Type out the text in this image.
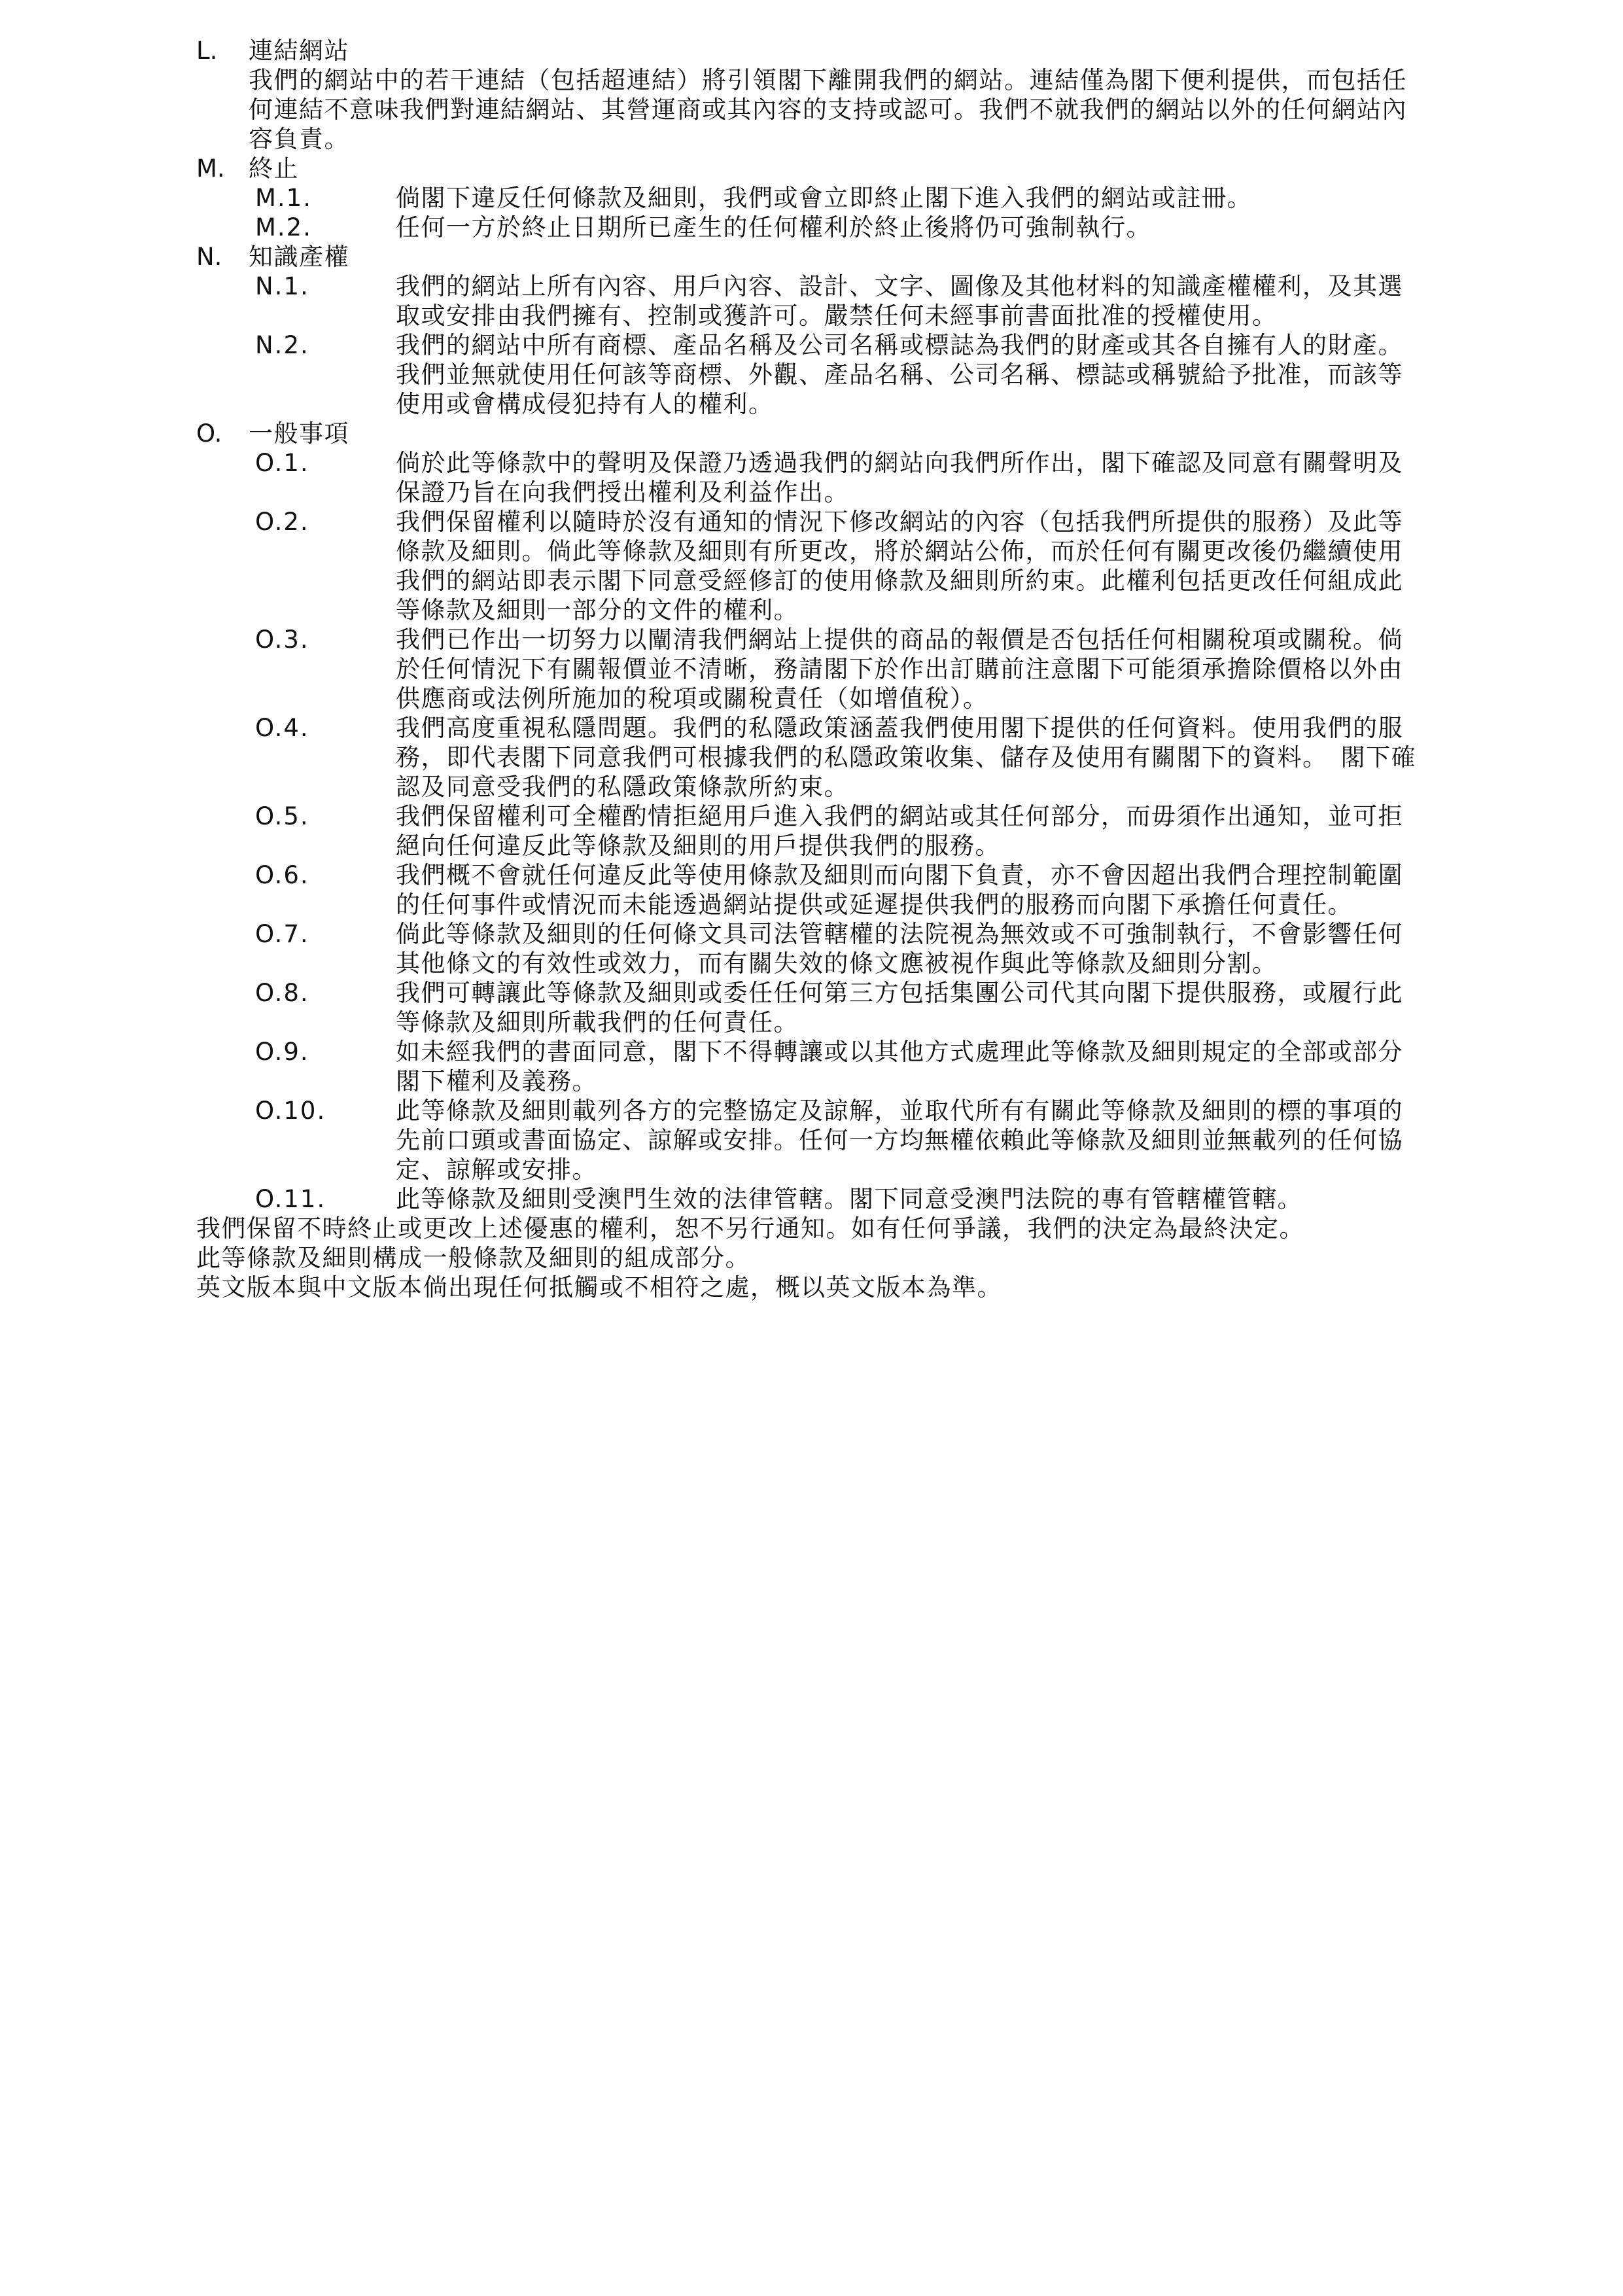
L.	連結網站
我們的網站中的若干連結（包括超連結）將引領閣下離開我們的網站。連結僅為閣下便利提供，而包括任何連結不意味我們對連結網站、其營運商或其內容的支持或認可。我們不就我們的網站以外的任何網站內容負責。
M. 終止
M.1.	倘閣下違反任何條款及細則，我們或會立即終止閣下進入我們的網站或註冊。
M.2.	任何一方於終止日期所已產生的任何權利於終止後將仍可強制執行。
N.	知識產權
N.1.	我們的網站上所有內容、用戶內容、設計、文字、圖像及其他材料的知識產權權利，及其選取或安排由我們擁有、控制或獲許可。嚴禁任何未經事前書面批准的授權使用。
N.2.	我們的網站中所有商標、產品名稱及公司名稱或標誌為我們的財產或其各自擁有人的財產。我們並無就使用任何該等商標、外觀、產品名稱、公司名稱、標誌或稱號給予批准，而該等使用或會構成侵犯持有人的權利。
O.	一般事項
O.1.	倘於此等條款中的聲明及保證乃透過我們的網站向我們所作出，閣下確認及同意有關聲明及保證乃旨在向我們授出權利及利益作出。
O.2.	我們保留權利以隨時於沒有通知的情況下修改網站的內容（包括我們所提供的服務）及此等條款及細則。倘此等條款及細則有所更改，將於網站公佈，而於任何有關更改後仍繼續使用我們的網站即表示閣下同意受經修訂的使用條款及細則所約束。此權利包括更改任何組成此等條款及細則一部分的文件的權利。
O.3.	我們已作出一切努力以闡清我們網站上提供的商品的報價是否包括任何相關稅項或關稅。倘於任何情況下有關報價並不清晰，務請閣下於作出訂購前注意閣下可能須承擔除價格以外由供應商或法例所施加的稅項或關稅責任（如增值稅）。
O.4.	我們高度重視私隱問題。我們的私隱政策涵蓋我們使用閣下提供的任何資料。使用我們的服務，即代表閣下同意我們可根據我們的私隱政策收集、儲存及使用有關閣下的資料。　閣下確認及同意受我們的私隱政策條款所約束。
O.5.	我們保留權利可全權酌情拒絕用戶進入我們的網站或其任何部分，而毋須作出通知，並可拒絕向任何違反此等條款及細則的用戶提供我們的服務。
O.6.	我們概不會就任何違反此等使用條款及細則而向閣下負責，亦不會因超出我們合理控制範圍的任何事件或情況而未能透過網站提供或延遲提供我們的服務而向閣下承擔任何責任。
O.7.	倘此等條款及細則的任何條文具司法管轄權的法院視為無效或不可強制執行，不會影響任何其他條文的有效性或效力，而有關失效的條文應被視作與此等條款及細則分割。
O.8.	我們可轉讓此等條款及細則或委任任何第三方包括集團公司代其向閣下提供服務，或履行此等條款及細則所載我們的任何責任。
O.9.	如未經我們的書面同意，閣下不得轉讓或以其他方式處理此等條款及細則規定的全部或部分閣下權利及義務。
O.10.	此等條款及細則載列各方的完整協定及諒解，並取代所有有關此等條款及細則的標的事項的先前口頭或書面協定、諒解或安排。任何一方均無權依賴此等條款及細則並無載列的任何協定、諒解或安排。
O.11.	此等條款及細則受澳門生效的法律管轄。閣下同意受澳門法院的專有管轄權管轄。
我們保留不時終止或更改上述優惠的權利，恕不另行通知。如有任何爭議，我們的決定為最終決定。
此等條款及細則構成一般條款及細則的組成部分。
英文版本與中文版本倘出現任何抵觸或不相符之處，概以英文版本為準。
